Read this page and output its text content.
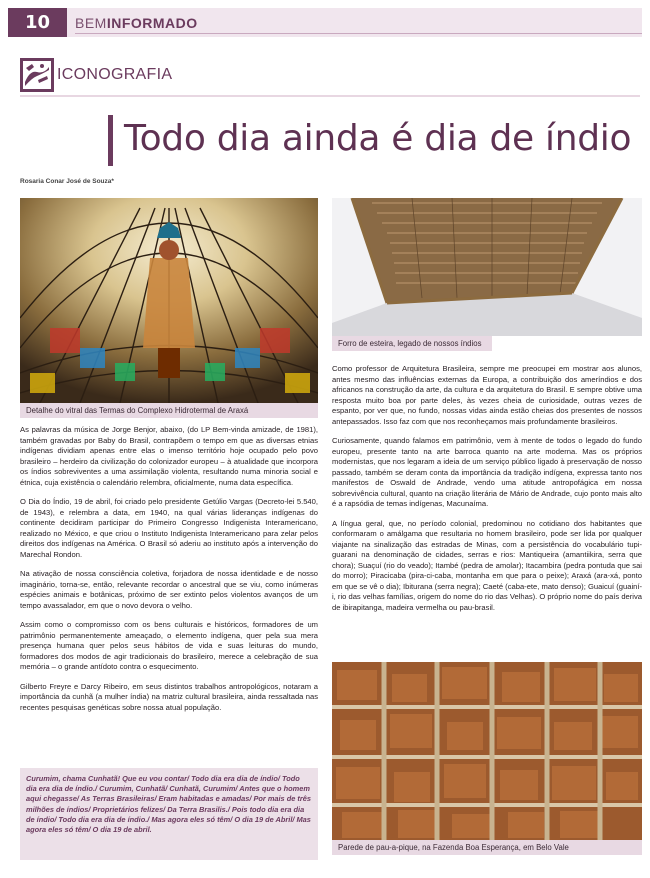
10	BEMINFORMADO
ICONOGRAFIA
Todo dia ainda é dia de índio
Rosaria Conar José de Souza*
Detalhe do vitral das Termas do Complexo Hidrotermal de Araxá
Forro de esteira, legado de nossos índios

As palavras da música de Jorge Benjor, abaixo, (do LP Bem-vinda amizade, de 1981), também gravadas por Baby do Brasil, contrapõem o tempo em que as diversas etnias indígenas dividiam apenas entre elas o imenso território hoje ocupado pelo povo brasileiro – herdeiro da civilização do colonizador europeu – à atualidade que incorpora os índios sobreviventes a uma assimilação violenta, resultando numa minoria social e étnica, cuja existência o calendário relembra, oficialmente, numa data específica.

O Dia do Índio, 19 de abril, foi criado pelo presidente Getúlio Vargas (Decreto-lei 5.540, de 1943), e relembra a data, em 1940, na qual várias lideranças indígenas do continente decidiram participar do Primeiro Congresso Indigenista Interamericano, realizado no México, e que criou o Instituto Indigenista Interamericano para zelar pelos direitos dos indígenas na América. O Brasil só aderiu ao instituto após a intervenção do Marechal Rondon.

Na ativação de nossa consciência coletiva, forjadora de nossa identidade e de nosso imaginário, torna-se, então, relevante recordar o ancestral que se viu, como inúmeras espécies animais e botânicas, próximo de ser extinto pelos violentos avanços de um tempo avassalador, em que o novo devora o velho.

Assim como o compromisso com os bens culturais e históricos, formadores de um patrimônio permanentemente ameaçado, o elemento indígena, quer pela sua mera presença humana quer pelos seus hábitos de vida e suas leituras do mundo, formadores dos modos de agir tradicionais do brasileiro, merece a celebração de sua memória – o grande antídoto contra o esquecimento.

Gilberto Freyre e Darcy Ribeiro, em seus distintos trabalhos antropológicos, notaram a importância da cunhã (a mulher índia) na matriz cultural brasileira, ainda ressaltada nas recentes pesquisas genéticas sobre nossa atual população.

Curumim, chama Cunhatã! Que eu vou contar/ Todo dia era dia de índio/ Todo dia era dia de índio./ Curumim, Cunhatã/ Cunhatã, Curumim/ Antes que o homem aqui chegasse/ As Terras Brasileiras/ Eram habitadas e amadas/ Por mais de três milhões de índios/ Proprietários felizes/ Da Terra Brasilis./ Pois todo dia era dia de índio/ Todo dia era dia de índio./ Mas agora eles só têm/ O dia 19 de Abril/ Mas agora eles só têm/ O dia 19 de abril.

Como professor de Arquitetura Brasileira, sempre me preocupei em mostrar aos alunos, antes mesmo das influências externas da Europa, a contribuição dos ameríndios e dos africanos na construção da arte, da cultura e da arquitetura do Brasil. E sempre obtive uma resposta muito boa por parte deles, às vezes cheia de curiosidade, outras vezes de espanto, por ver que, no fundo, nossas vidas ainda estão cheias dos presentes de nossos antepassados. Isso faz com que nos reconheçamos mais profundamente brasileiros.

Curiosamente, quando falamos em patrimônio, vem à mente de todos o legado do fundo europeu, presente tanto na arte barroca quanto na arte moderna. Mas os próprios modernistas, que nos legaram a ideia de um serviço público ligado à preservação de nosso passado, também se deram conta da importância da tradição indígena, expressa tanto nos manifestos de Oswald de Andrade, vendo uma atitude antropofágica em nossa sobrevivência cultural, quanto na criação literária de Mário de Andrade, cujo ponto mais alto é a rapsódia de temas indígenas, Macunaíma.

A língua geral, que, no período colonial, predominou no cotidiano dos habitantes que conformaram o amálgama que resultaria no homem brasileiro, pode ser lida por qualquer viajante na sinalização das estradas de Minas, com a persistência do vocabulário tupi-guarani na denominação de cidades, serras e rios: Mantiqueira (amantiikira, serra que chora); Suaçuí (rio do veado); Itambé (pedra de amolar); Itacambira (pedra pontuda que sai do morro); Piracicaba (pira-ci-caba, montanha em que para o peixe); Araxá (ara-xá, ponto em que se vê o dia); Ibiturana (serra negra); Caeté (caba-ete, mato denso); Guaicuí (guainí-i, rio das velhas famílias, origem do nome do rio das Velhas). O próprio nome do país deriva de ibirapitanga, madeira vermelha ou pau-brasil.

Parede de pau-a-pique, na Fazenda Boa Esperança, em Belo Vale
